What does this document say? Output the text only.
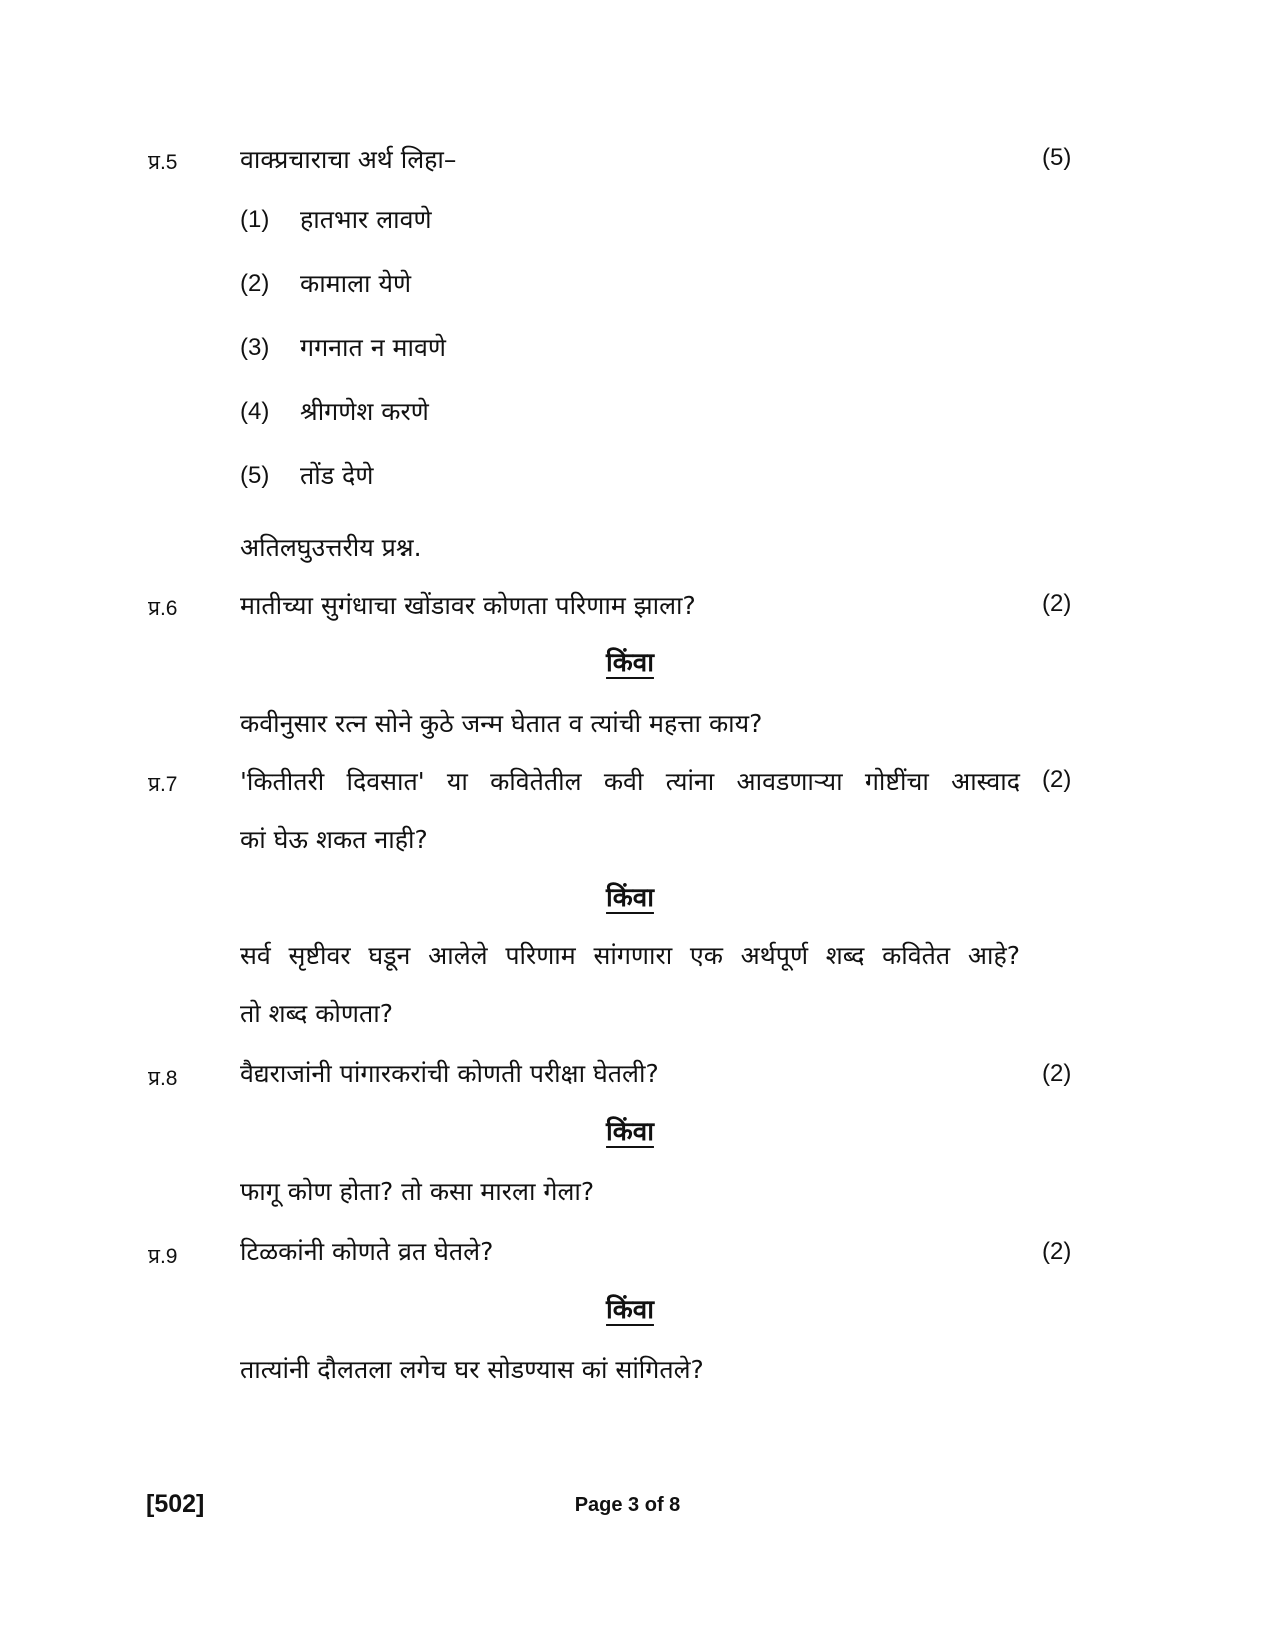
प्र.5	वाक्प्रचाराचा अर्थ लिहा–	(5)
(1) हातभार लावणे
(2) कामाला येणे
(3) गगनात न मावणे
(4) श्रीगणेश करणे
(5) तोंड देणे
अतिलघुउत्तरीय प्रश्न.
प्र.6	मातीच्या सुगंधाचा खोंडावर कोणता परिणाम झाला?	(2)
किंवा
कवीनुसार रत्न सोने कुठे जन्म घेतात व त्यांची महत्ता काय?
प्र.7	'कितीतरी दिवसात' या कवितेतील कवी त्यांना आवडणाऱ्या गोष्टींचा आस्वाद (2)
कां घेऊ शकत नाही?
किंवा
सर्व सृष्टीवर घडून आलेले परिणाम सांगणारा एक अर्थपूर्ण शब्द कवितेत आहे?
तो शब्द कोणता?
प्र.8	वैद्यराजांनी पांगारकरांची कोणती परीक्षा घेतली?	(2)
किंवा
फागू कोण होता? तो कसा मारला गेला?
प्र.9	टिळकांनी कोणते व्रत घेतले?	(2)
किंवा
तात्यांनी दौलतला लगेच घर सोडण्यास कां सांगितले?
[502]	Page 3 of 8
